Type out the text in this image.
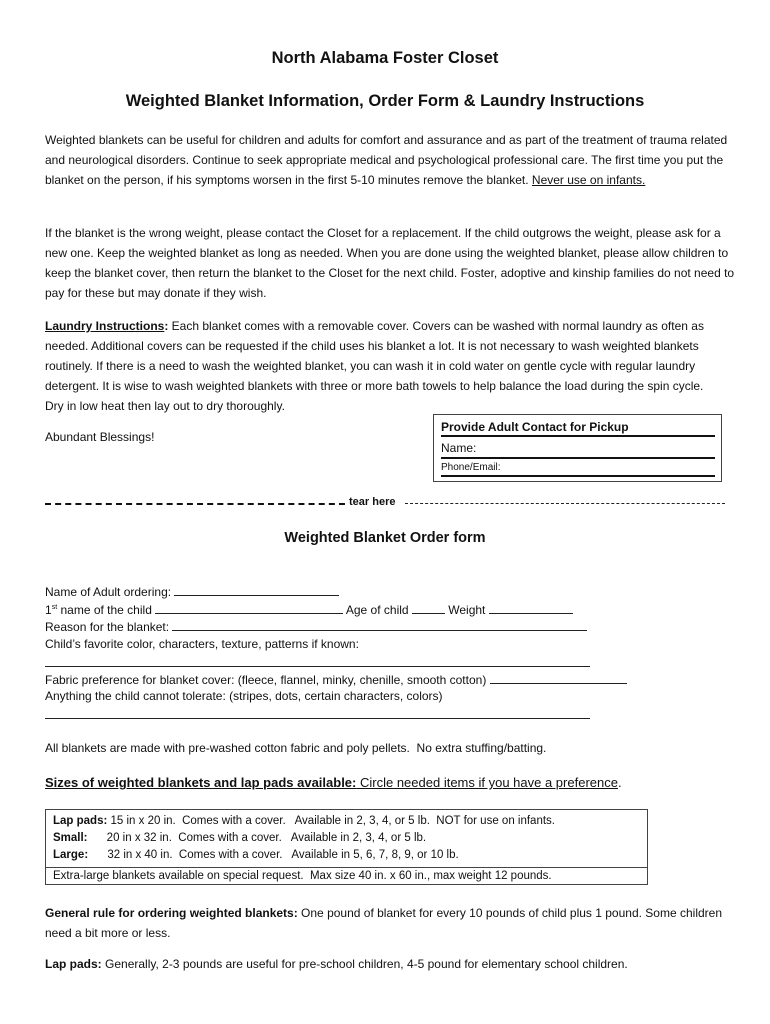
North Alabama Foster Closet
Weighted Blanket Information, Order Form & Laundry Instructions

Weighted blankets can be useful for children and adults for comfort and assurance and as part of the treatment of trauma related and neurological disorders. Continue to seek appropriate medical and psychological professional care. The first time you put the blanket on the person, if his symptoms worsen in the first 5-10 minutes remove the blanket. Never use on infants.

If the blanket is the wrong weight, please contact the Closet for a replacement. If the child outgrows the weight, please ask for a new one. Keep the weighted blanket as long as needed. When you are done using the weighted blanket, please allow children to keep the blanket cover, then return the blanket to the Closet for the next child. Foster, adoptive and kinship families do not need to pay for these but may donate if they wish.

Laundry Instructions: Each blanket comes with a removable cover. Covers can be washed with normal laundry as often as needed. Additional covers can be requested if the child uses his blanket a lot. It is not necessary to wash weighted blankets routinely. If there is a need to wash the weighted blanket, you can wash it in cold water on gentle cycle with regular laundry detergent. It is wise to wash weighted blankets with three or more bath towels to help balance the load during the spin cycle. Dry in low heat then lay out to dry thoroughly.

Abundant Blessings!
Provide Adult Contact for Pickup
Name:
Phone/Email:
tear here
Weighted Blanket Order form
Name of Adult ordering:
1st name of the child	Age of child	Weight
Reason for the blanket:
Child’s favorite color, characters, texture, patterns if known:
Fabric preference for blanket cover: (fleece, flannel, minky, chenille, smooth cotton)
Anything the child cannot tolerate: (stripes, dots, certain characters, colors)
All blankets are made with pre-washed cotton fabric and poly pellets.  No extra stuffing/batting.
Sizes of weighted blankets and lap pads available: Circle needed items if you have a preference.
Lap pads: 15 in x 20 in.  Comes with a cover.   Available in 2, 3, 4, or 5 lb.  NOT for use on infants.
Small:      20 in x 32 in.  Comes with a cover.   Available in 2, 3, 4, or 5 lb.
Large:      32 in x 40 in.  Comes with a cover.   Available in 5, 6, 7, 8, 9, or 10 lb.
Extra-large blankets available on special request.  Max size 40 in. x 60 in., max weight 12 pounds.

General rule for ordering weighted blankets: One pound of blanket for every 10 pounds of child plus 1 pound. Some children need a bit more or less.

Lap pads: Generally, 2-3 pounds are useful for pre-school children, 4-5 pound for elementary school children.
